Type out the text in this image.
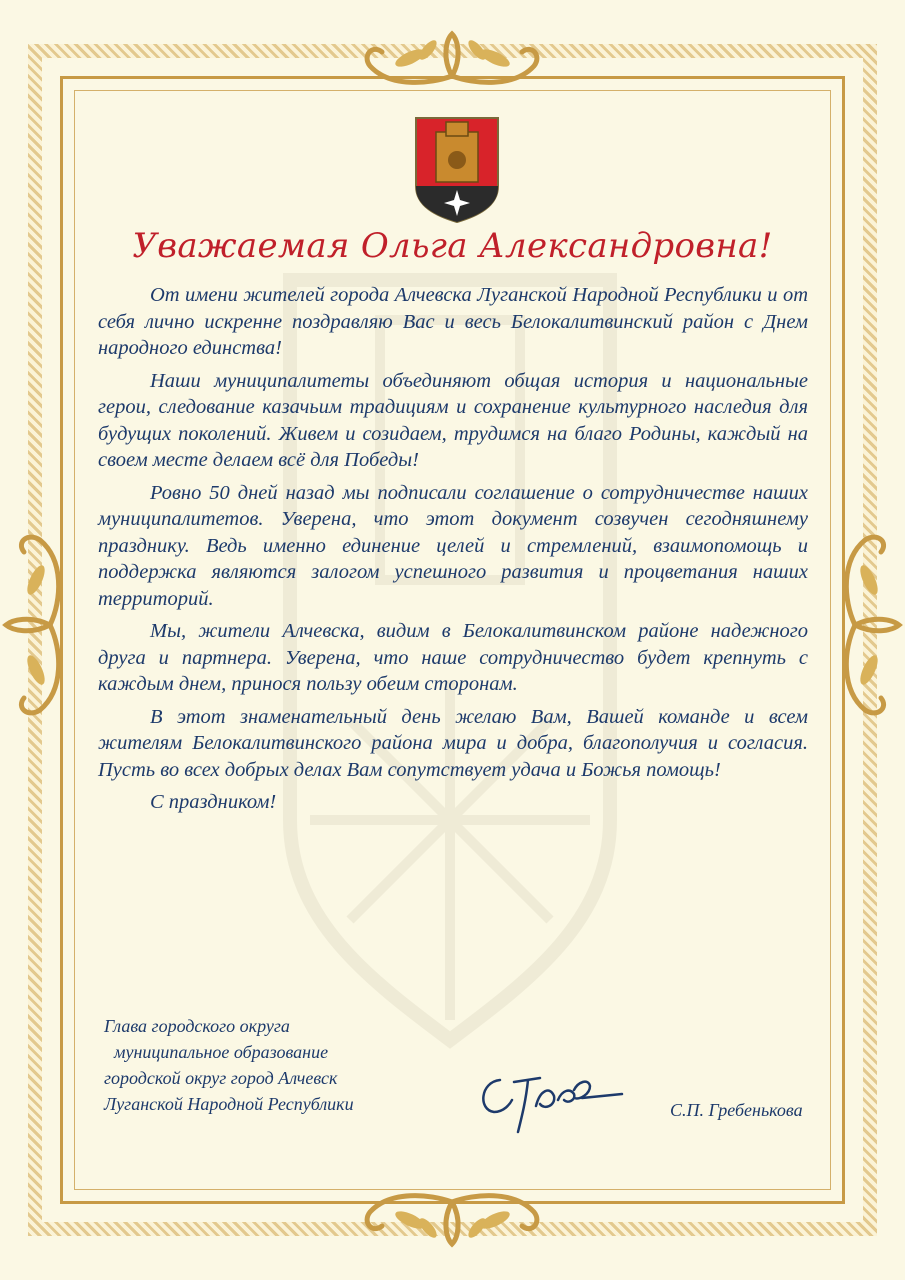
Уважаемая Ольга Александровна!

От имени жителей города Алчевска Луганской Народной Республики и от себя лично искренне поздравляю Вас и весь Белокалитвинский район с Днем народного единства!

Наши муниципалитеты объединяют общая история и национальные герои, следование казачьим традициям и сохранение культурного наследия для будущих поколений. Живем и созидаем, трудимся на благо Родины, каждый на своем месте делаем всё для Победы!

Ровно 50 дней назад мы подписали соглашение о сотрудничестве наших муниципалитетов. Уверена, что этот документ созвучен сегодняшнему празднику. Ведь именно единение целей и стремлений, взаимопомощь и поддержка являются залогом успешного развития и процветания наших территорий.

Мы, жители Алчевска, видим в Белокалитвинском районе надежного друга и партнера. Уверена, что наше сотрудничество будет крепнуть с каждым днем, принося пользу обеим сторонам.

В этот знаменательный день желаю Вам, Вашей команде и всем жителям Белокалитвинского района мира и добра, благополучия и согласия. Пусть во всех добрых делах Вам сопутствует удача и Божья помощь!

С праздником!

Глава городского округа
муниципальное образование
городской округ город Алчевск
Луганской Народной Республики	С.П. Гребенькова
